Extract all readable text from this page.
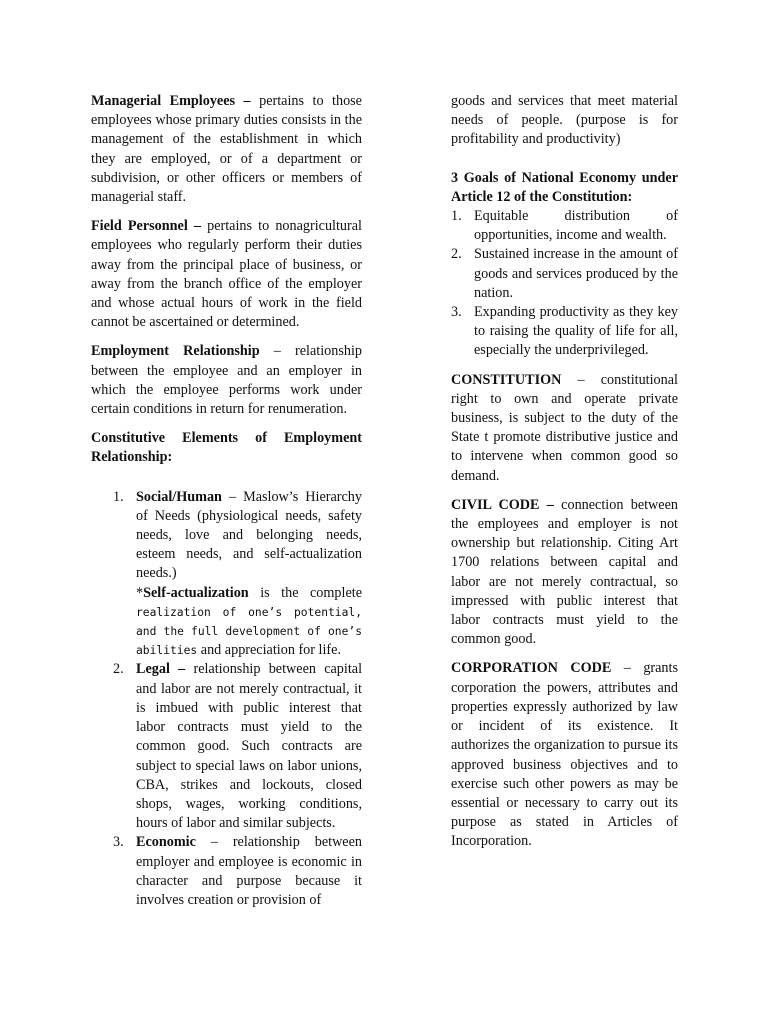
Managerial Employees – pertains to those employees whose primary duties consists in the management of the establishment in which they are employed, or of a department or subdivision, or other officers or members of managerial staff.

Field Personnel – pertains to nonagricultural employees who regularly perform their duties away from the principal place of business, or away from the branch office of the employer and whose actual hours of work in the field cannot be ascertained or determined.

Employment Relationship – relationship between the employee and an employer in which the employee performs work under certain conditions in return for renumeration.

Constitutive Elements of Employment Relationship:
1. Social/Human – Maslow’s Hierarchy of Needs (physiological needs, safety needs, love and belonging needs, esteem needs, and self-actualization needs.)
*Self-actualization is the complete realization of one’s potential, and the full development of one’s abilities and appreciation for life.
2. Legal – relationship between capital and labor are not merely contractual, it is imbued with public interest that labor contracts must yield to the common good. Such contracts are subject to special laws on labor unions, CBA, strikes and lockouts, closed shops, wages, working conditions, hours of labor and similar subjects.
3. Economic – relationship between employer and employee is economic in character and purpose because it involves creation or provision of

goods and services that meet material needs of people. (purpose is for profitability and productivity)

3 Goals of National Economy under Article 12 of the Constitution:
1. Equitable distribution of opportunities, income and wealth.
2. Sustained increase in the amount of goods and services produced by the nation.
3. Expanding productivity as they key to raising the quality of life for all, especially the underprivileged.

CONSTITUTION – constitutional right to own and operate private business, is subject to the duty of the State t promote distributive justice and to intervene when common good so demand.

CIVIL CODE – connection between the employees and employer is not ownership but relationship. Citing Art 1700 relations between capital and labor are not merely contractual, so impressed with public interest that labor contracts must yield to the common good.

CORPORATION CODE – grants corporation the powers, attributes and properties expressly authorized by law or incident of its existence. It authorizes the organization to pursue its approved business objectives and to exercise such other powers as may be essential or necessary to carry out its purpose as stated in Articles of Incorporation.
